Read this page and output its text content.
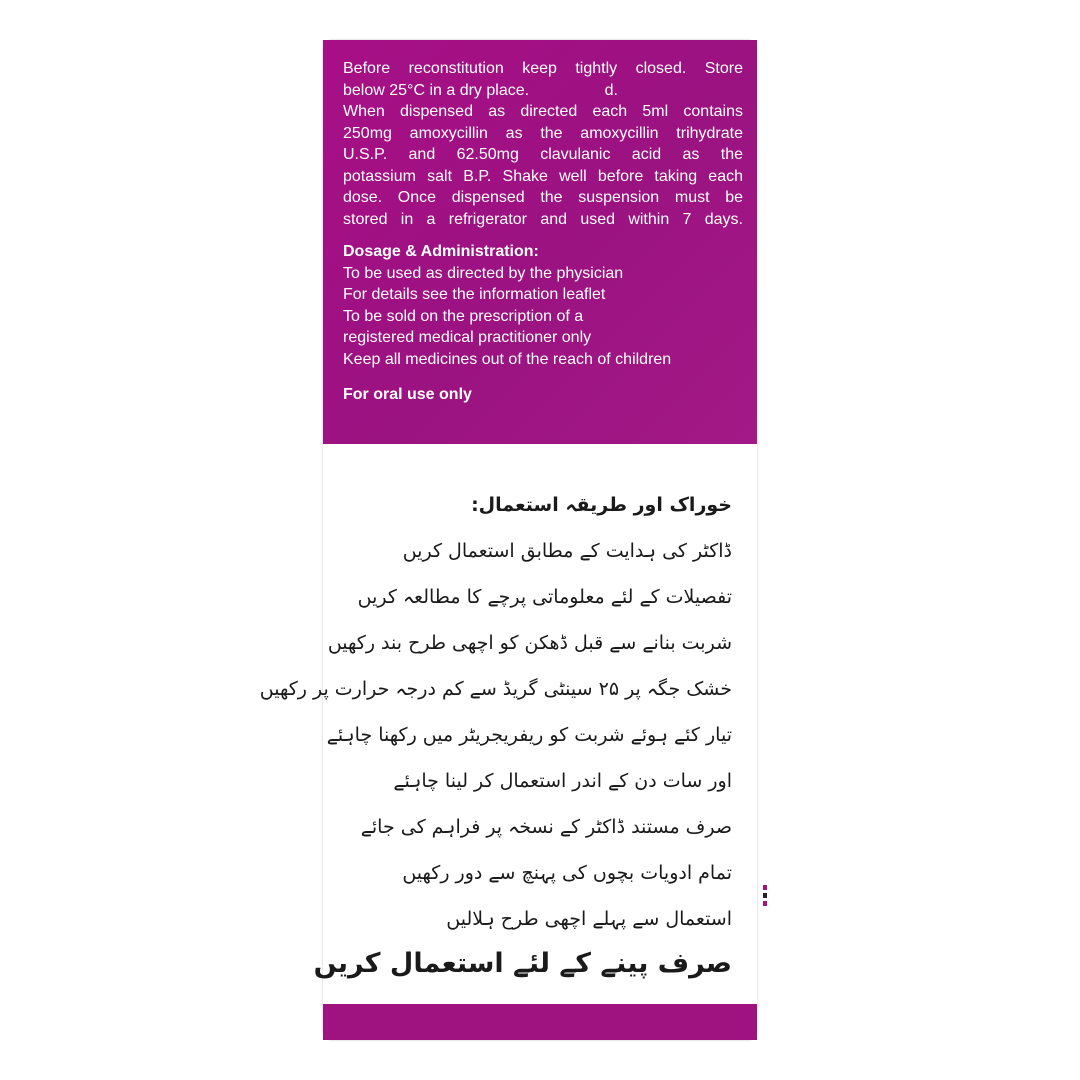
Before reconstitution keep tightly closed. Store
below 25°C in a dry place.                 d.
When dispensed as directed each 5ml contains
250mg amoxycillin as the amoxycillin trihydrate
U.S.P. and 62.50mg clavulanic acid as the
potassium salt B.P. Shake well before taking each
dose. Once dispensed the suspension must be
stored in a refrigerator and used within 7 days.
Dosage & Administration:
To be used as directed by the physician
For details see the information leaflet
To be sold on the prescription of a
registered medical practitioner only
Keep all medicines out of the reach of children
For oral use only
خوراک اور طریقہ استعمال:
ڈاکٹر کی ہدایت کے مطابق استعمال کریں
تفصیلات کے لئے معلوماتی پرچے کا مطالعہ کریں
شربت بنانے سے قبل ڈھکن کو اچھی طرح بند رکھیں
خشک جگہ پر ۲۵ سینٹی گریڈ سے کم درجہ حرارت پر رکھیں
تیار کئے ہوئے شربت کو ریفریجریٹر میں رکھنا چاہئے
اور سات دن کے اندر استعمال کر لینا چاہئے
صرف مستند ڈاکٹر کے نسخہ پر فراہم کی جائے
تمام ادویات بچوں کی پہنچ سے دور رکھیں
استعمال سے پہلے اچھی طرح ہلالیں
صرف پینے کے لئے استعمال کریں
